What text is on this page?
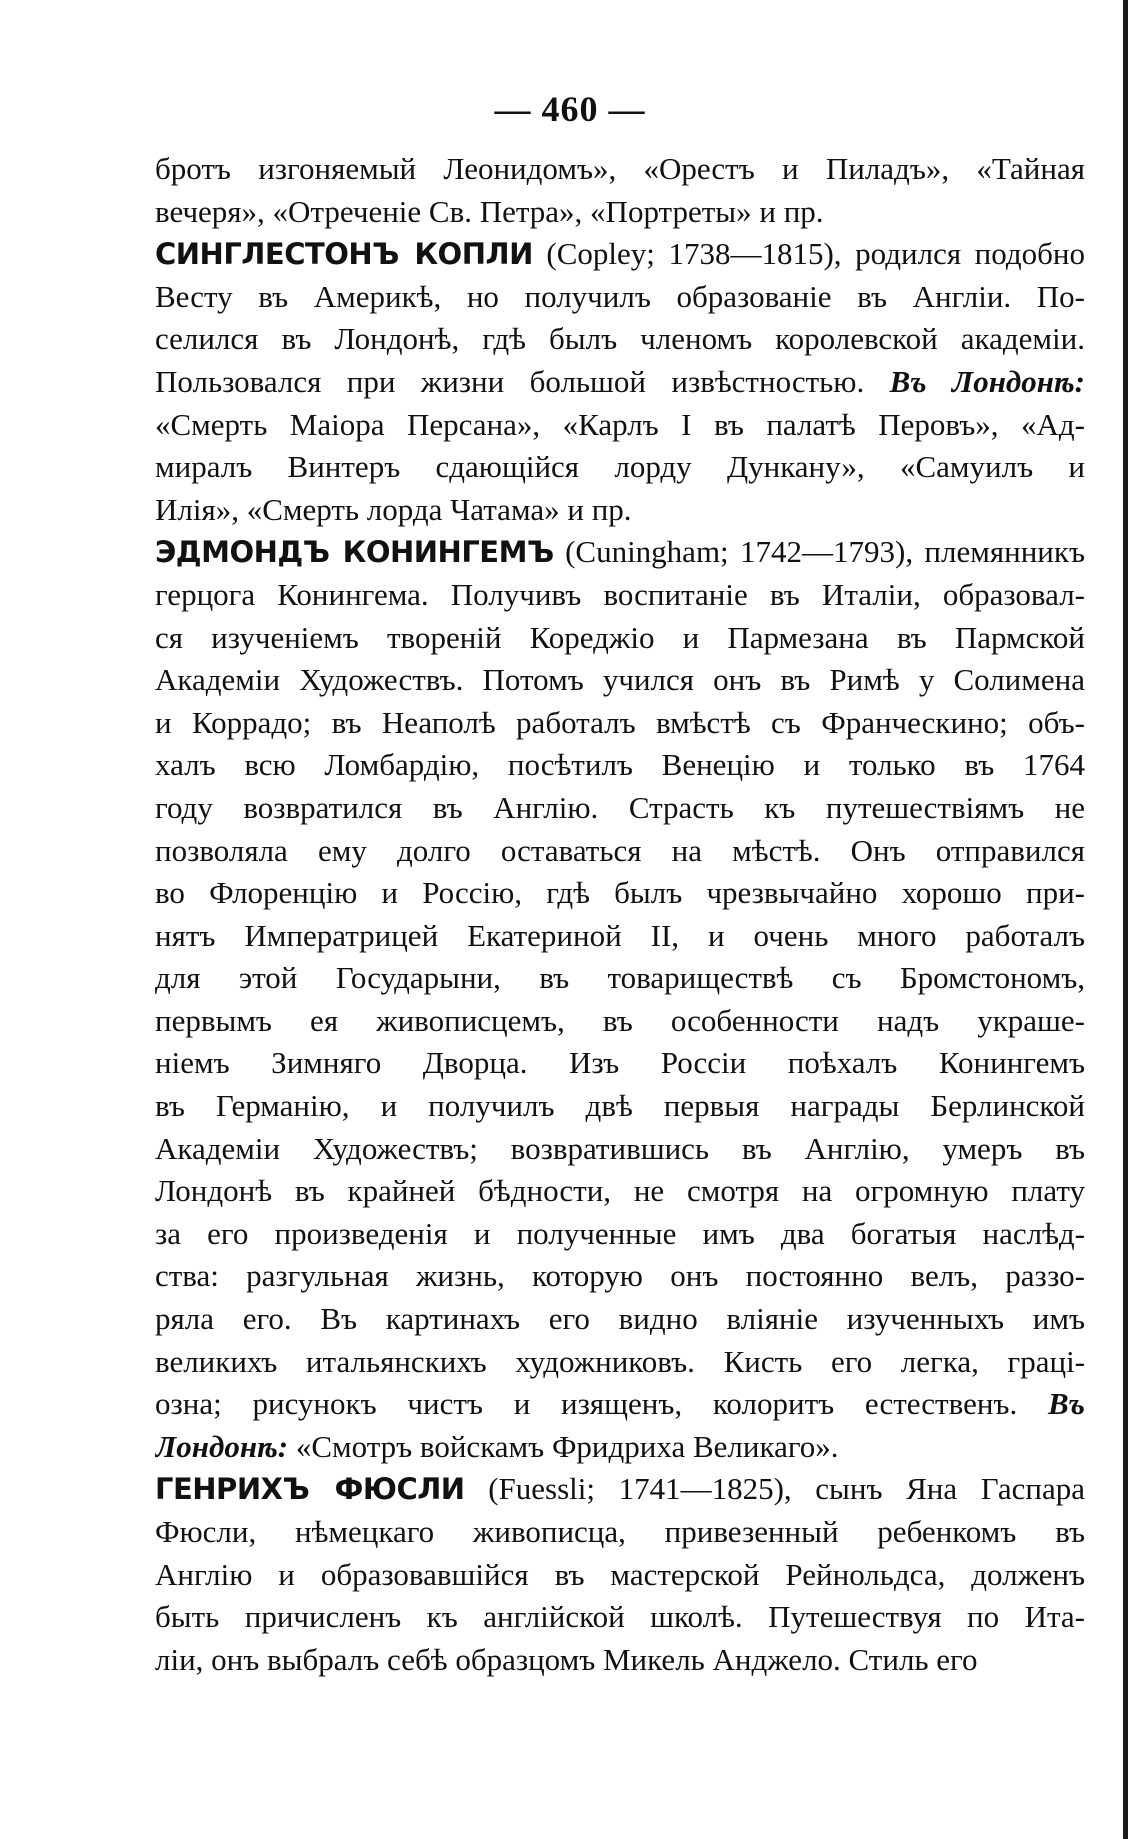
— 460 —
бротъ изгоняемый Леонидомъ», «Орестъ и Пиладъ», «Тайная
вечеря», «Отреченіе Св. Петра», «Портреты» и пр.
СИНГЛЕСТОНЪ КОПЛИ (Copley; 1738—1815), родился подобно
Весту въ Америкѣ, но получилъ образованіе въ Англіи. По-
селился въ Лондонѣ, гдѣ былъ членомъ королевской академіи.
Пользовался при жизни большой извѣстностью. Въ Лондонѣ:
«Смерть Маіора Персана», «Карлъ I въ палатѣ Перовъ», «Ад-
миралъ Винтеръ сдающійся лорду Дункану», «Самуилъ и
Илія», «Смерть лорда Чатама» и пр.
ЭДМОНДЪ КОНИНГЕМЪ (Cuningham; 1742—1793), племянникъ
герцога Конингема. Получивъ воспитаніе въ Италіи, образовал-
ся изученіемъ твореній Кореджіо и Пармезана въ Пармской
Академіи Художествъ. Потомъ учился онъ въ Римѣ у Солимена
и Коррадо; въ Неаполѣ работалъ вмѣстѣ съ Франческино; объ-
халъ всю Ломбардію, посѣтилъ Венецію и только въ 1764
году возвратился въ Англію. Страсть къ путешествіямъ не
позволяла ему долго оставаться на мѣстѣ. Онъ отправился
во Флоренцію и Россію, гдѣ былъ чрезвычайно хорошо при-
нятъ Императрицей Екатериной II, и очень много работалъ
для этой Государыни, въ товариществѣ съ Бромстономъ,
первымъ ея живописцемъ, въ особенности надъ украше-
ніемъ Зимняго Дворца. Изъ Россіи поѣхалъ Конингемъ
въ Германію, и получилъ двѣ первыя награды Берлинской
Академіи Художествъ; возвратившись въ Англію, умеръ въ
Лондонѣ въ крайней бѣдности, не смотря на огромную плату
за его произведенія и полученные имъ два богатыя наслѣд-
ства: разгульная жизнь, которую онъ постоянно велъ, раззо-
ряла его. Въ картинахъ его видно вліяніе изученныхъ имъ
великихъ итальянскихъ художниковъ. Кисть его легка, граці-
озна; рисунокъ чистъ и изященъ, колоритъ естественъ. Въ
Лондонѣ: «Смотръ войскамъ Фридриха Великаго».
ГЕНРИХЪ ФЮСЛИ (Fuessli; 1741—1825), сынъ Яна Гаспара
Фюсли, нѣмецкаго живописца, привезенный ребенкомъ въ
Англію и образовавшійся въ мастерской Рейнольдса, долженъ
быть причисленъ къ англійской школѣ. Путешествуя по Ита-
ліи, онъ выбралъ себѣ образцомъ Микель Анджело. Стиль его
